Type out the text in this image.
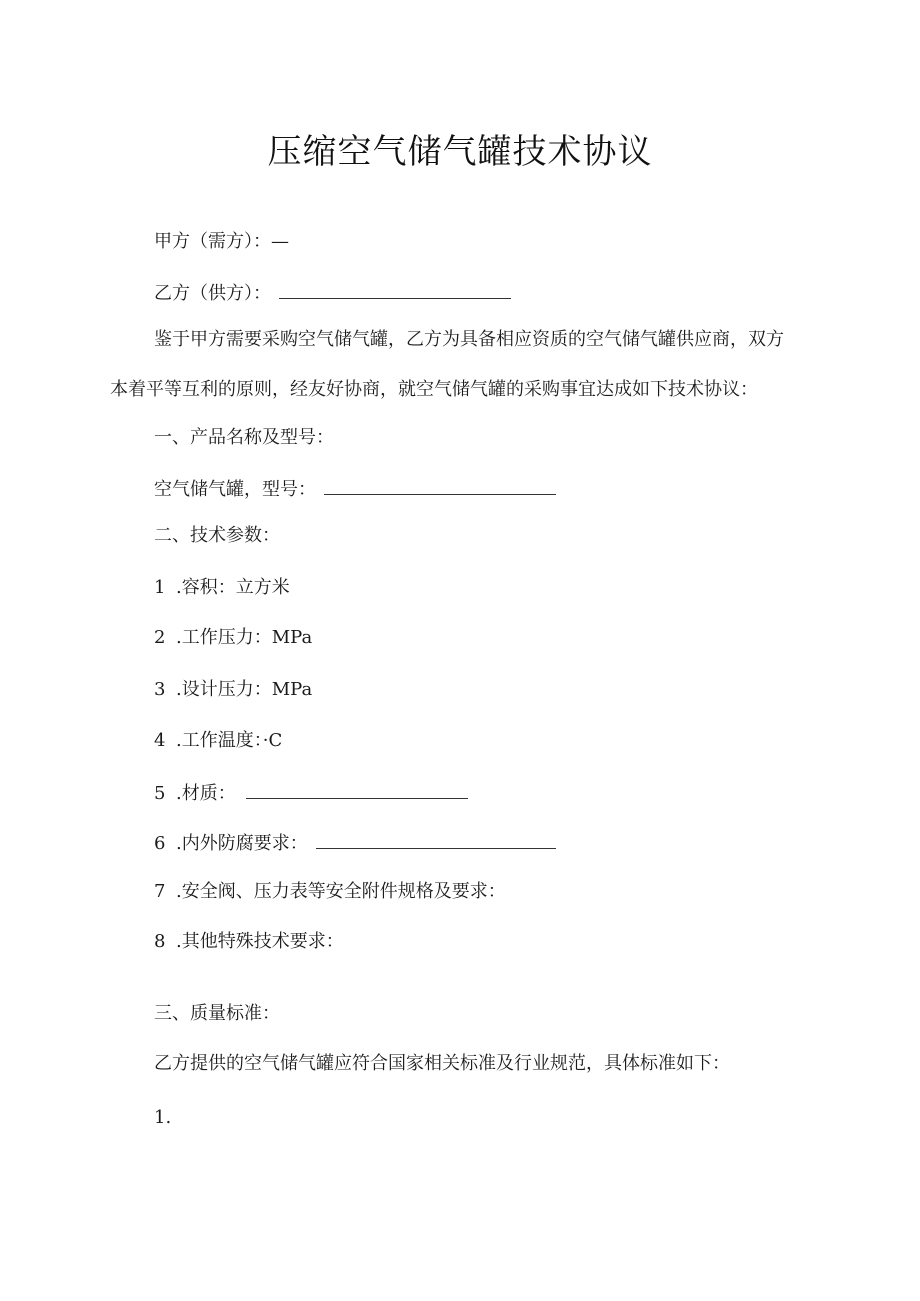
压缩空气储气罐技术协议
甲方（需方）：—
乙方（供方）：
鉴于甲方需要采购空气储气罐，乙方为具备相应资质的空气储气罐供应商，双方
本着平等互利的原则，经友好协商，就空气储气罐的采购事宜达成如下技术协议：
一、产品名称及型号：
空气储气罐，型号：
二、技术参数：
1 .容积：立方米
2 .工作压力：MPa
3 .设计压力：MPa
4 .工作温度：·C
5 .材质：
6 .内外防腐要求：
7 .安全阀、压力表等安全附件规格及要求：
8 .其他特殊技术要求：
三、质量标准：
乙方提供的空气储气罐应符合国家相关标准及行业规范，具体标准如下：
1.
